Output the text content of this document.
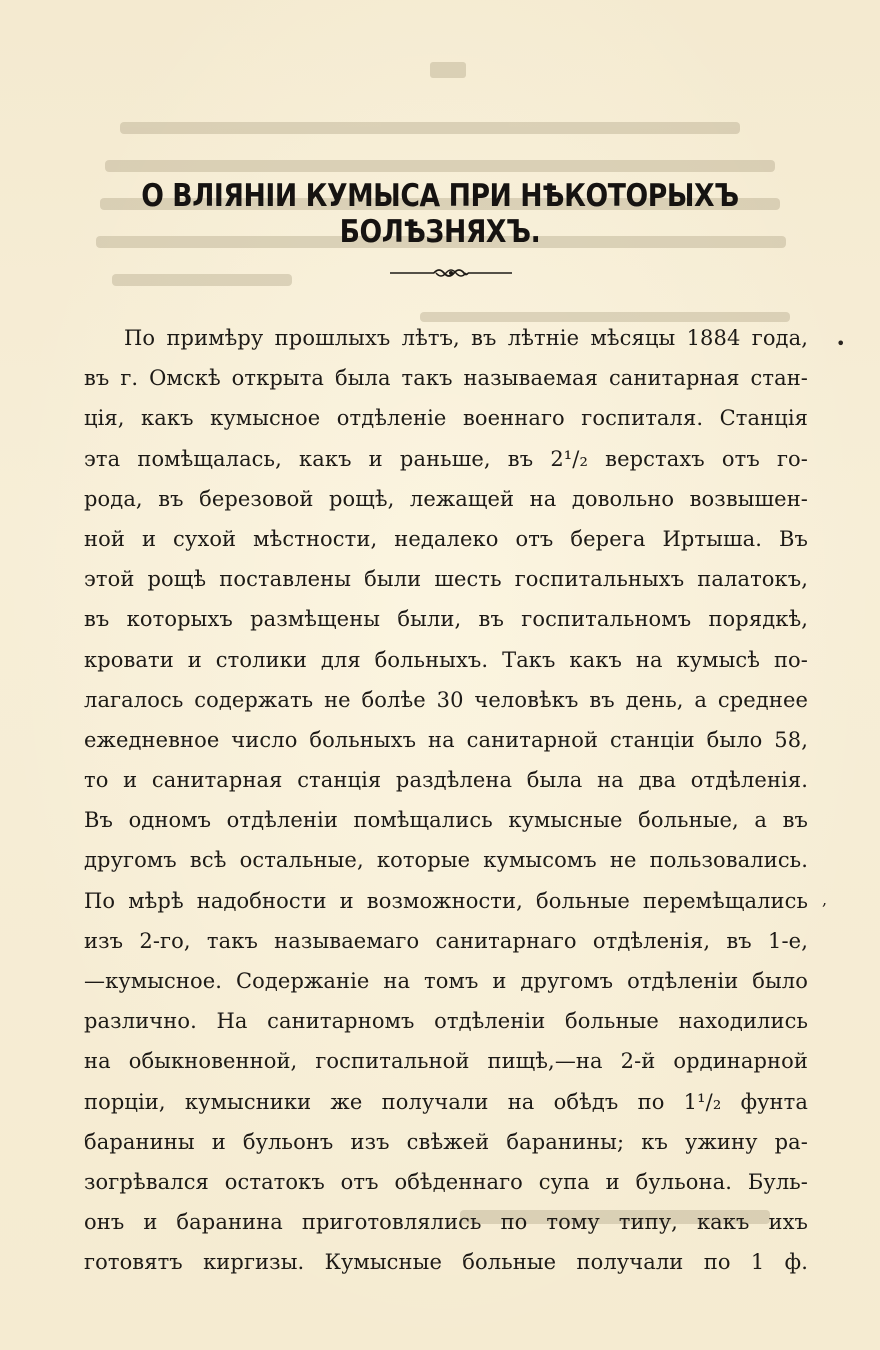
О ВЛІЯНІИ КУМЫСА ПРИ НѢКОТОРЫХЪ БОЛѢЗНЯХЪ.
По примѣру прошлыхъ лѣтъ, въ лѣтніе мѣсяцы 1884 года,
въ г. Омскѣ открыта была такъ называемая санитарная стан-
ція, какъ кумысное отдѣленіе военнаго госпиталя. Станція
эта помѣщалась, какъ и раньше, въ 2¹/₂ верстахъ отъ го-
рода, въ березовой рощѣ, лежащей на довольно возвышен-
ной и сухой мѣстности, недалеко отъ берега Иртыша. Въ
этой рощѣ поставлены были шесть госпитальныхъ палатокъ,
въ которыхъ размѣщены были, въ госпитальномъ порядкѣ,
кровати и столики для больныхъ. Такъ какъ на кумысѣ по-
лагалось содержать не болѣе 30 человѣкъ въ день, а среднее
ежедневное число больныхъ на санитарной станціи было 58,
то и санитарная станція раздѣлена была на два отдѣленія.
Въ одномъ отдѣленіи помѣщались кумысные больные, а въ
другомъ всѣ остальные, которые кумысомъ не пользовались.
По мѣрѣ надобности и возможности, больные перемѣщались
изъ 2-го, такъ называемаго санитарнаго отдѣленія, въ 1-е,
—кумысное. Содержаніе на томъ и другомъ отдѣленіи было
различно. На санитарномъ отдѣленіи больные находились
на обыкновенной, госпитальной пищѣ,—на 2-й ординарной
порціи, кумысники же получали на обѣдъ по 1¹/₂ фунта
баранины и бульонъ изъ свѣжей баранины; къ ужину ра-
зогрѣвался остатокъ отъ обѣденнаго супа и бульона. Буль-
онъ и баранина приготовлялись по тому типу, какъ ихъ
готовятъ киргизы. Кумысные больные получали по 1 ф.
•
,
